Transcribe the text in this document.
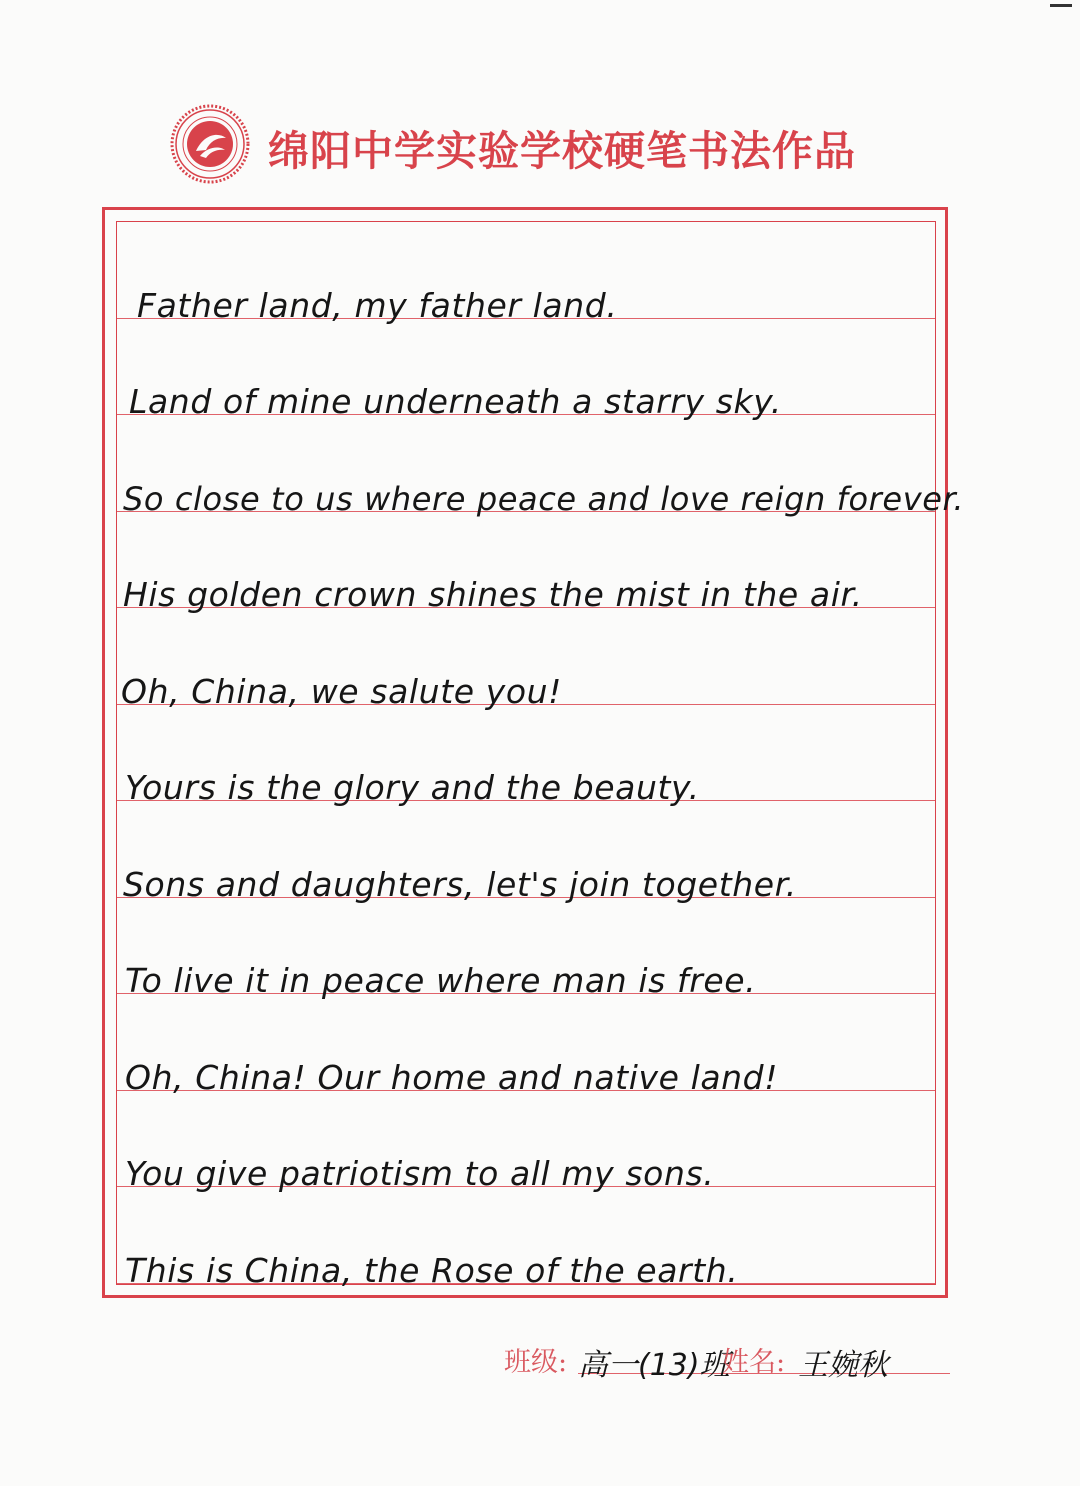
绵阳中学实验学校硬笔书法作品
Father land, my father land.
Land of mine underneath a starry sky.
So close to us where peace and love reign forever.
His golden crown shines the mist in the air.
Oh, China, we salute you!
Yours is the glory and the beauty.
Sons and daughters, let's join together.
To live it in peace where man is free.
Oh, China! Our home and native land!
You give patriotism to all my sons.
This is China, the Rose of the earth.
班级: 高一(13)班
姓名: 王婉秋
